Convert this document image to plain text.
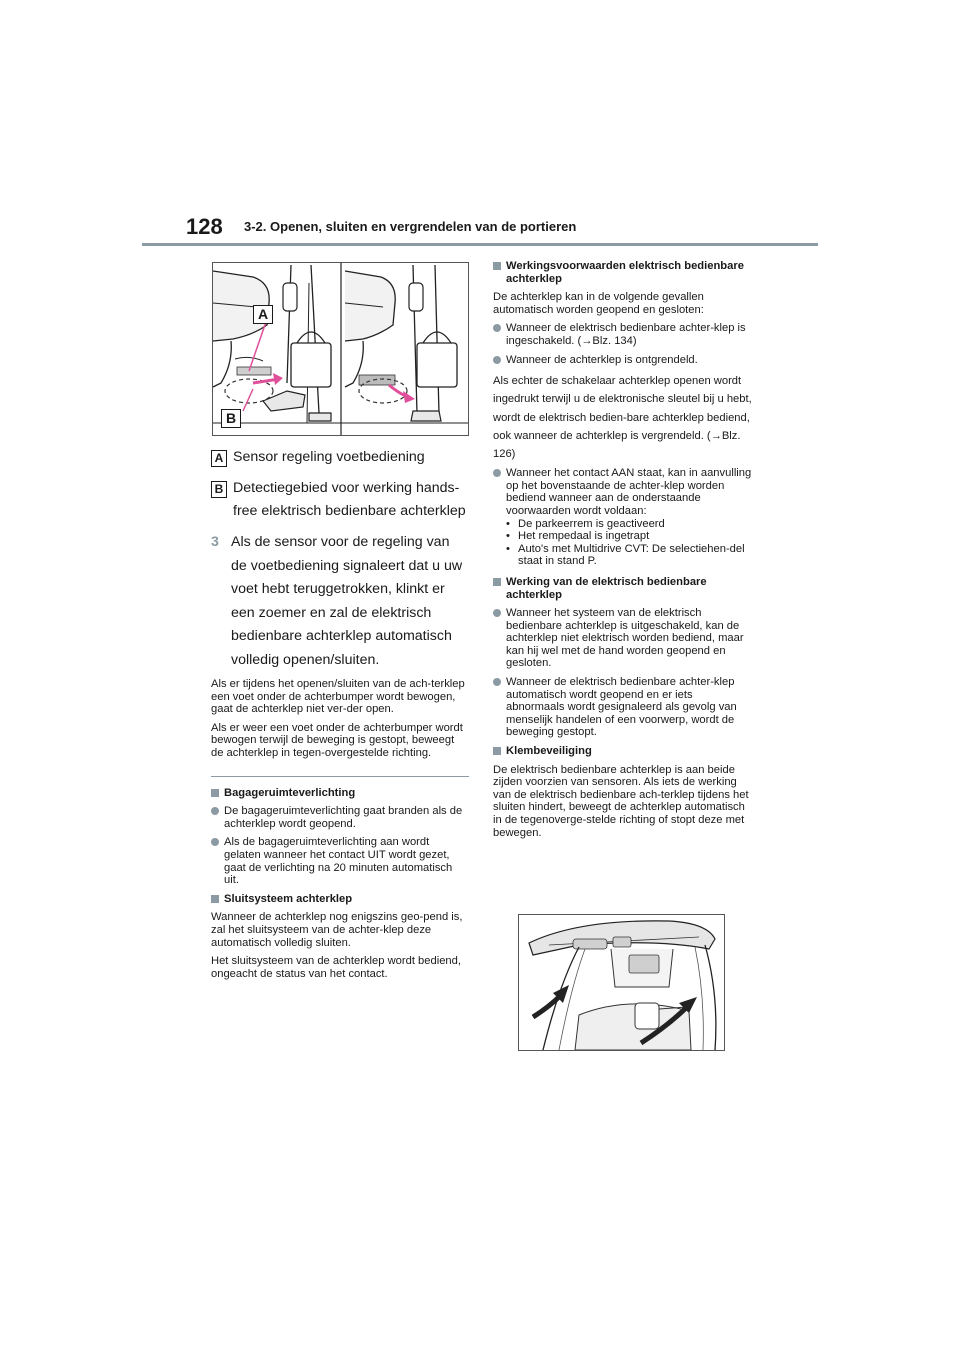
128 3-2. Openen, sluiten en vergrendelen van de portieren
A
B
A Sensor regeling voetbediening
B Detectiegebied voor werking hands-free elektrisch bedienbare achterklep
3 Als de sensor voor de regeling van de voetbediening signaleert dat u uw voet hebt teruggetrokken, klinkt er een zoemer en zal de elektrisch bedienbare achterklep automatisch volledig openen/sluiten.

Als er tijdens het openen/sluiten van de ach-terklep een voet onder de achterbumper wordt bewogen, gaat de achterklep niet ver-der open.

Als er weer een voet onder de achterbumper wordt bewogen terwijl de beweging is gestopt, beweegt de achterklep in tegen-overgestelde richting.

Bagageruimteverlichting
De bagageruimteverlichting gaat branden als de achterklep wordt geopend.
Als de bagageruimteverlichting aan wordt gelaten wanneer het contact UIT wordt gezet, gaat de verlichting na 20 minuten automatisch uit.
Sluitsysteem achterklep

Wanneer de achterklep nog enigszins geo-pend is, zal het sluitsysteem van de achter-klep deze automatisch volledig sluiten.

Het sluitsysteem van de achterklep wordt bediend, ongeacht de status van het contact.

Werkingsvoorwaarden elektrisch bedienbare achterklep

De achterklep kan in de volgende gevallen automatisch worden geopend en gesloten:

Wanneer de elektrisch bedienbare achter-klep is ingeschakeld. (→Blz. 134)
Wanneer de achterklep is ontgrendeld.

Als echter de schakelaar achterklep openen wordt ingedrukt terwijl u de elektronische sleutel bij u hebt, wordt de elektrisch bedien-bare achterklep bediend, ook wanneer de achterklep is vergrendeld. (→Blz. 126)

Wanneer het contact AAN staat, kan in aanvulling op het bovenstaande de achter-klep worden bediend wanneer aan de onderstaande voorwaarden wordt voldaan:
• De parkeerrem is geactiveerd
• Het rempedaal is ingetrapt
• Auto's met Multidrive CVT: De selectiehen-del staat in stand P.
Werking van de elektrisch bedienbare achterklep
Wanneer het systeem van de elektrisch bedienbare achterklep is uitgeschakeld, kan de achterklep niet elektrisch worden bediend, maar kan hij wel met de hand worden geopend en gesloten.
Wanneer de elektrisch bedienbare achter-klep automatisch wordt geopend en er iets abnormaals wordt gesignaleerd als gevolg van menselijk handelen of een voorwerp, wordt de beweging gestopt.
Klembeveiliging

De elektrisch bedienbare achterklep is aan beide zijden voorzien van sensoren. Als iets de werking van de elektrisch bedienbare ach-terklep tijdens het sluiten hindert, beweegt de achterklep automatisch in de tegenoverge-stelde richting of stopt deze met bewegen.
